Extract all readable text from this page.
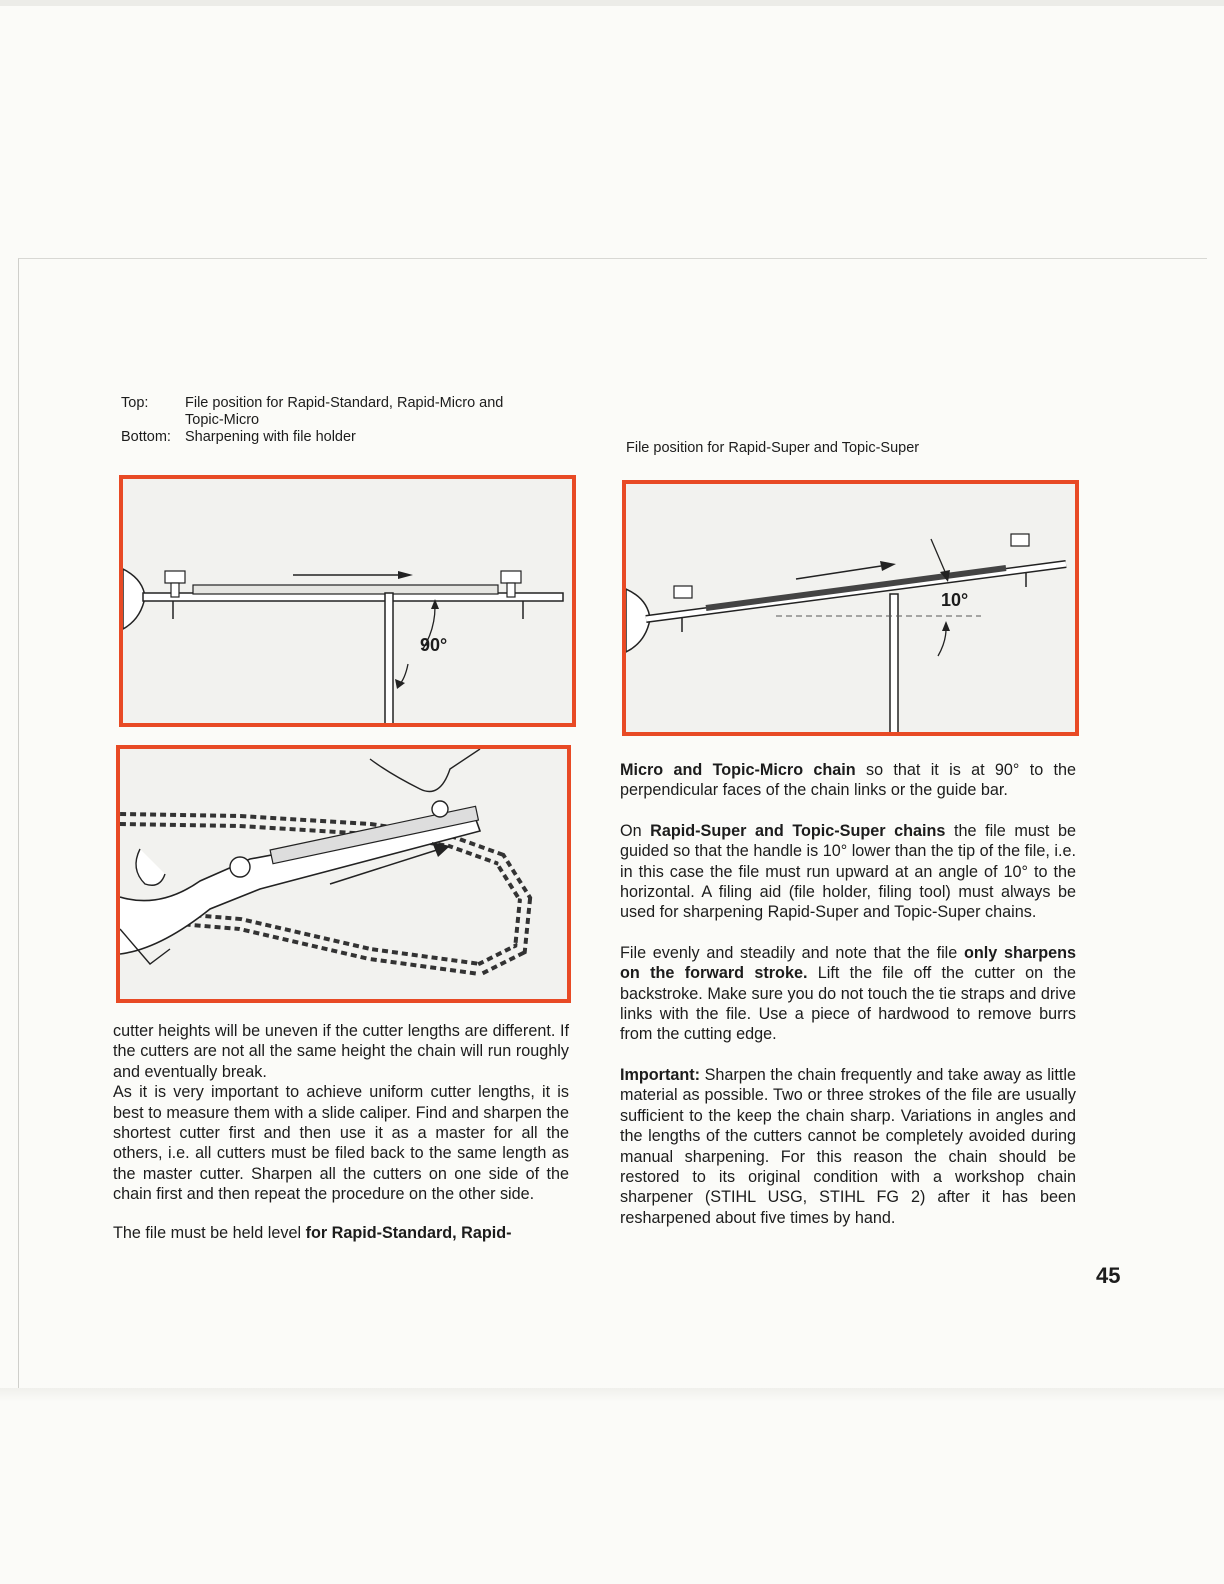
Top:	File position for Rapid-Standard, Rapid-Micro and Topic-Micro
Bottom: Sharpening with file holder
File position for Rapid-Super and Topic-Super
90°
10°

cutter heights will be uneven if the cutter lengths are different. If the cutters are not all the same height the chain will run roughly and eventually break.

As it is very important to achieve uniform cutter lengths, it is best to measure them with a slide caliper. Find and sharpen the shortest cutter first and then use it as a master for all the others, i.e. all cutters must be filed back to the same length as the master cutter. Sharpen all the cutters on one side of the chain first and then repeat the procedure on the other side.

The file must be held level for Rapid-Standard, Rapid-

Micro and Topic-Micro chain so that it is at 90° to the perpendicular faces of the chain links or the guide bar.

On Rapid-Super and Topic-Super chains the file must be guided so that the handle is 10° lower than the tip of the file, i.e. in this case the file must run upward at an angle of 10° to the horizontal. A filing aid (file holder, filing tool) must always be used for sharpening Rapid-Super and Topic-Super chains.

File evenly and steadily and note that the file only sharpens on the forward stroke. Lift the file off the cutter on the backstroke. Make sure you do not touch the tie straps and drive links with the file. Use a piece of hardwood to remove burrs from the cutting edge.

Important: Sharpen the chain frequently and take away as little material as possible. Two or three strokes of the file are usually sufficient to the keep the chain sharp. Variations in angles and the lengths of the cutters cannot be completely avoided during manual sharpening. For this reason the chain should be restored to its original condition with a workshop chain sharpener (STIHL USG, STIHL FG 2) after it has been resharpened about five times by hand.

45
